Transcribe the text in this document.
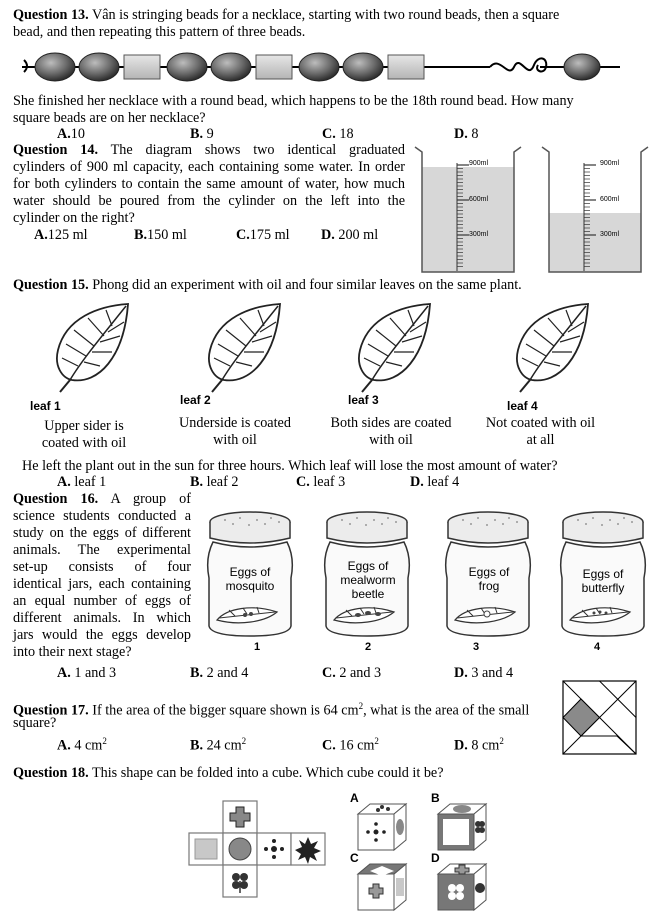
Question 13. Vân is stringing beads for a necklace, starting with two round beads, then a square
bead, and then repeating this pattern of three beads.
She finished her necklace with a round bead, which happens to be the 18th round bead. How many
square beads are on her necklace?
A.10	B. 9	C. 18	D. 8
Question 14. The diagram shows two identical graduated
cylinders of 900 ml capacity, each containing some water. In order
for both cylinders to contain the same amount of water, how much
water should be poured from the cylinder on the left into the
cylinder on the right?
A.125 ml	B.150 ml	C.175 ml D. 200 ml
900ml
600ml
300ml
900ml
600ml
300ml
Question 15. Phong did an experiment with oil and four similar leaves on the same plant.
leaf 1	leaf 2	leaf 3	leaf 4
Upper sider is
coated with oil
Underside is coated
with oil
Both sides are coated
with oil
Not coated with oil
at all
He left the plant out in the sun for three hours. Which leaf will lose the most amount of water?
A. leaf 1	B. leaf 2	C. leaf 3	D. leaf 4
Question 16. A group of
science students conducted a
study on the eggs of different
animals. The experimental
set-up consists of four
identical jars, each containing
an equal number of eggs of
different animals. In which
jars would the eggs develop
into their next stage?
Eggs of
mosquito
Eggs of
mealworm
beetle
Eggs of
frog
Eggs of
butterfly
1	2	3	4
A. 1 and 3	B. 2 and 4	C. 2 and 3	D. 3 and 4
Question 17. If the area of the bigger square shown is 64 $cm^2$, what is the area of the small
square?
A. 4 $cm^2$	B. 24 $cm^2$	C. 16 $cm^2$	D. 8 $cm^2$
Question 18. This shape can be folded into a cube. Which cube could it be?
A	B
C	D
